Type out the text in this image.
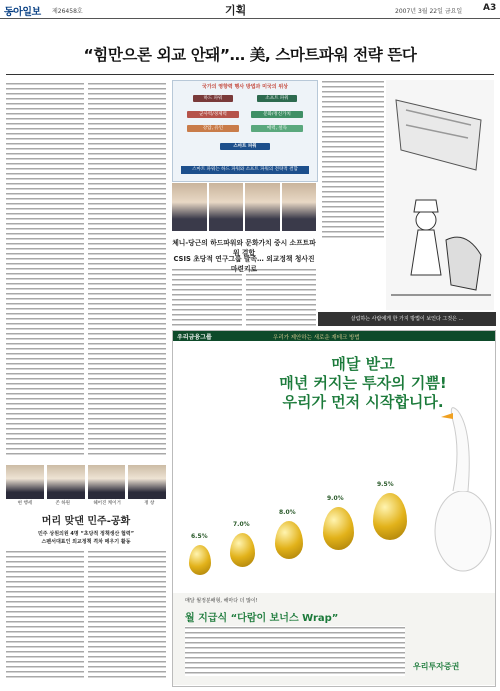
동아일보 제26458호	기획	2007년 3월 22일 금요일 A3
“힘만으론 외교 안돼”… 美, 스마트파워 전략 뜬다
국가의 영향력 행사 방법과 미국의 위상
하드 파워	소프트 파워
군사력/경제력	문화/정신가치
강압, 유인	매력, 설득
스마트 파워
스마트 파워는 하드 파워와 소프트 파워의 전략적 결합
체니-당근의 하드파워와 문화가치 중시 소프트파워 결합
CSIS 초당적 연구그룹 발족… 외교정책 청사진 마련키로
살림하는 사람에게 한 가지 방법이 보인다 그것은 ...
현 행세	존 하원	헤어진 케이거	정 창
머리 맞댄 민주-공화
민주 상원의원 4명 “초당적 정책생산 협력”
스펜서대표인 외교정책 격차 메우기 활동
우리금융그룹	우리가 제안하는 새로운 재테크 방법
매달 받고
매년 커지는 투자의 기쁨!
우리가 먼저 시작합니다.
6.5%
7.0%
8.0%
9.0%
9.5%
매달 월정분배형, 해마다 더 많이!
월 지급식 “다람이 보너스 Wrap”
우리투자증권
